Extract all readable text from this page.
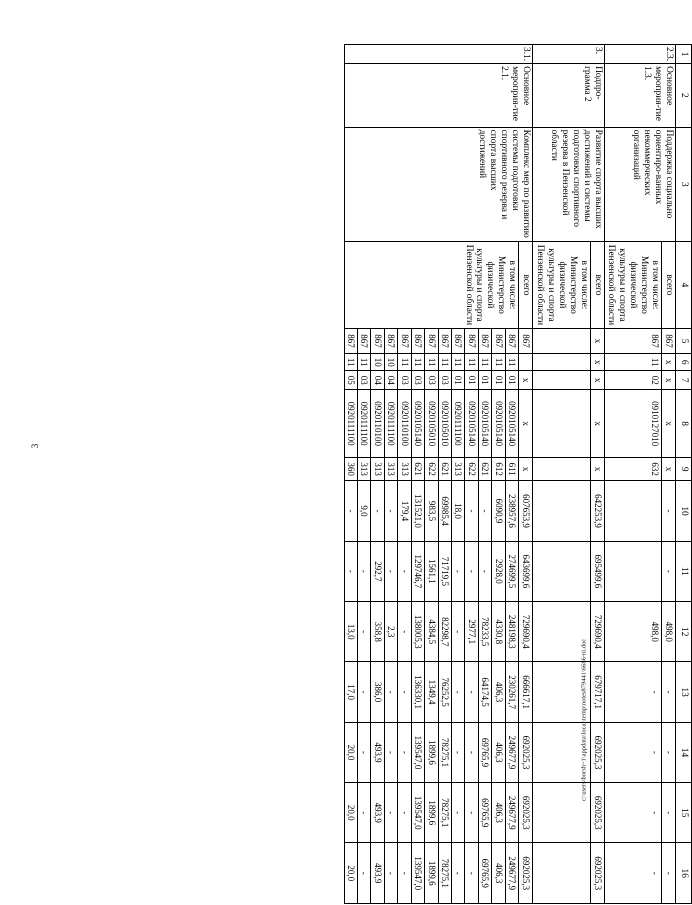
3
c:\users\borsh~1\appdata\local\temp\notes879441\6686-ni.doc
1	2	3	4	5	6	7	8	9	10	11	12	13	14	15	16
2.3.	Основное мероприя-тие 1.3.	Поддержка социально ориентиро-ванных некоммерческих организаций	всего	867	х	х	х	х	-	-	498,0	-	-	-	-
			в том числе: Министерство физической культуры и спорта Пензенской области	867	11	02	0910127010	632			498,0	-	-	-	-
3.	Подпро-грамма 2	Развитие спорта высших достижений и системы подготовки спортивного резерва в Пензенской области	всего	х	х	х	х	х	642253,9	695499,6	729690,4	679717,1	692025,3	692025,3	692025,3
			в том числе: Министерство физической культуры и спорта Пензенской области												
3.1.	Основное мероприя-тие 2.1.	Комплекс мер по развитию системы подготовки спортивного резерва и спорта высших достижений	всего	867		х	х	х	607653,9	643699,6	729690,4	666617,1	692025,3	692025,3	692025,3
			в том числе: Министерство физической культуры и спорта Пензенской области	867	11	01	0920105140	611	238957,6	274699,5	248198,3	230261,7	249677,9	249677,9	249677,9
				867	11	01	0920105140	612	6090,9	2928,0	4330,8	406,3	406,3	406,3	406,3
				867	11	01	0920105140	621	-	-	78233,5	64174,5	69765,9	69765,9	69765,9
				867	11	01	0920105140	622	-	-	2977,1	-	-	-	-
				867	11	01	0920111100	313	18,0	-	-	-	-	-	-
				867	11	03	0920105010	621	69985,4	71719,5	82298,7	76252,5	78275,1	78275,1	78275,1
				867	11	03	0920105010	622	983,5	1561,1	4384,5	1349,4	1899,6	1899,6	1899,6
				867	11	03	0920105140	621	131521,0	129746,7	138005,3	136330,1	139547,0	139547,0	139547,0
				867	11	03	0920110100	313	179,4	-	-	-	-	-	-
				867	10	04	0920111100	313	-	-	2,3	-	-	-	-
				867	10	04	0920110100	313	-	292,7	358,8	386,0	493,9	493,9	493,9
				867	11	03	0920111100	313	9,0	-	-	-	-	-	-
				867	11	05	0920111100	360	-	-	13,0	17,0	20,0	20,0	20,0
